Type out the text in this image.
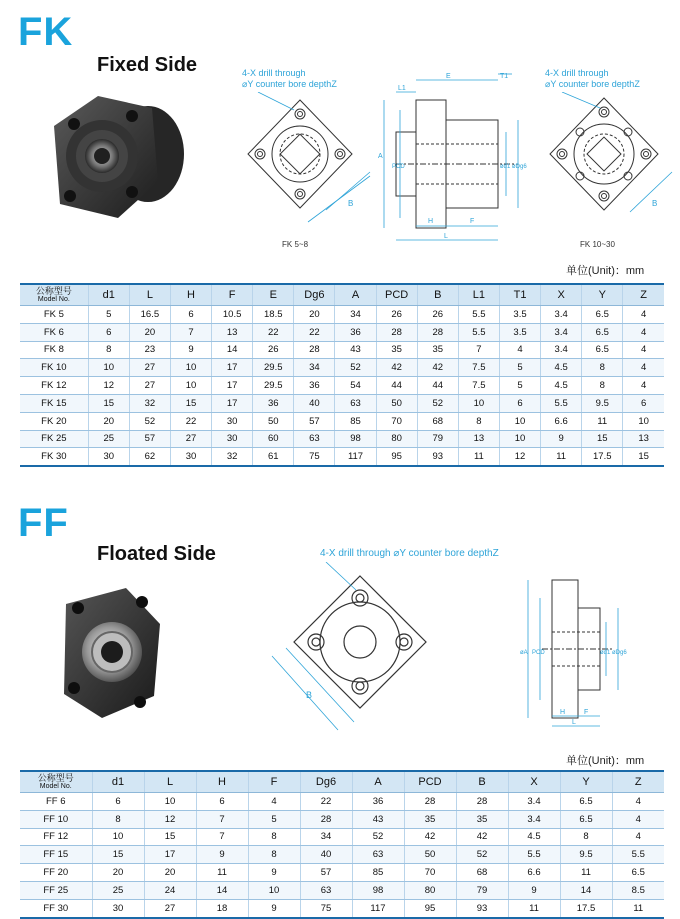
FK
Fixed Side	4-X drill through
⌀Y counter bore depthZ
B
FK 5~8
E	T1
L1
A
PCD	ød1 øDg6
H	F
L
4-X drill through
⌀Y counter bore depthZ
B
FK 10~30
单位(Unit)：mm
公称型号
Model No.	d1	L	H	F	E	Dg6	A	PCD	B	L1	T1	X	Y	Z
FK 5	5	16.5	6	10.5	18.5	20	34	26	26	5.5	3.5	3.4	6.5	4
FK 6	6	20	7	13	22	22	36	28	28	5.5	3.5	3.4	6.5	4
FK 8	8	23	9	14	26	28	43	35	35	7	4	3.4	6.5	4
FK 10	10	27	10	17	29.5	34	52	42	42	7.5	5	4.5	8	4
FK 12	12	27	10	17	29.5	36	54	44	44	7.5	5	4.5	8	4
FK 15	15	32	15	17	36	40	63	50	52	10	6	5.5	9.5	6
FK 20	20	52	22	30	50	57	85	70	68	8	10	6.6	11	10
FK 25	25	57	27	30	60	63	98	80	79	13	10	9	15	13
FK 30	30	62	30	32	61	75	117	95	93	11	12	11	17.5	15
FF
Floated Side	4-X drill through ⌀Y counter bore depthZ
B
øA PCD	ød1 øDg6
H	F
L
单位(Unit)：mm
公称型号
Model No.	d1	L	H	F	Dg6	A	PCD	B	X	Y	Z
FF 6	6	10	6	4	22	36	28	28	3.4	6.5	4
FF 10	8	12	7	5	28	43	35	35	3.4	6.5	4
FF 12	10	15	7	8	34	52	42	42	4.5	8	4
FF 15	15	17	9	8	40	63	50	52	5.5	9.5	5.5
FF 20	20	20	11	9	57	85	70	68	6.6	11	6.5
FF 25	25	24	14	10	63	98	80	79	9	14	8.5
FF 30	30	27	18	9	75	117	95	93	11	17.5	11
